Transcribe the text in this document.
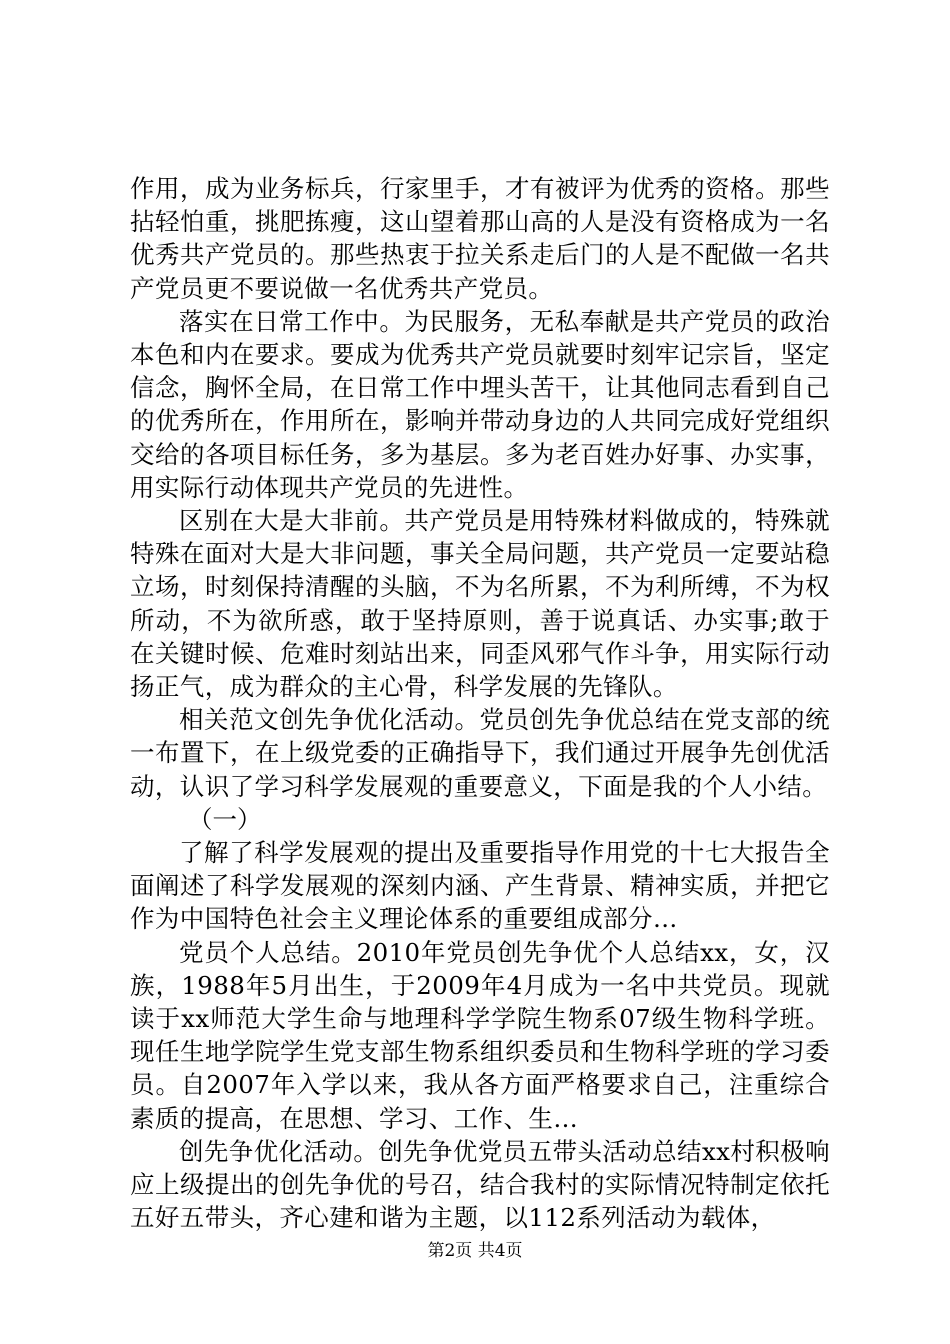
作用，成为业务标兵，行家里手，才有被评为优秀的资格。那些拈轻怕重，挑肥拣瘦，这山望着那山高的人是没有资格成为一名优秀共产党员的。那些热衷于拉关系走后门的人是不配做一名共产党员更不要说做一名优秀共产党员。

落实在日常工作中。为民服务，无私奉献是共产党员的政治本色和内在要求。要成为优秀共产党员就要时刻牢记宗旨，坚定信念，胸怀全局，在日常工作中埋头苦干，让其他同志看到自己的优秀所在，作用所在，影响并带动身边的人共同完成好党组织交给的各项目标任务，多为基层。多为老百姓办好事、办实事，用实际行动体现共产党员的先进性。

区别在大是大非前。共产党员是用特殊材料做成的，特殊就特殊在面对大是大非问题，事关全局问题，共产党员一定要站稳立场，时刻保持清醒的头脑，不为名所累，不为利所缚，不为权所动，不为欲所惑，敢于坚持原则，善于说真话、办实事;敢于在关键时候、危难时刻站出来，同歪风邪气作斗争，用实际行动扬正气，成为群众的主心骨，科学发展的先锋队。

相关范文创先争优化活动。党员创先争优总结在党支部的统一布置下，在上级党委的正确指导下，我们通过开展争先创优活动，认识了学习科学发展观的重要意义，下面是我的个人小结。

（一）

了解了科学发展观的提出及重要指导作用党的十七大报告全面阐述了科学发展观的深刻内涵、产生背景、精神实质，并把它作为中国特色社会主义理论体系的重要组成部分…

党员个人总结。2010年党员创先争优个人总结xx，女，汉族，1988年5月出生，于2009年4月成为一名中共党员。现就读于xx师范大学生命与地理科学学院生物系07级生物科学班。现任生地学院学生党支部生物系组织委员和生物科学班的学习委员。自2007年入学以来，我从各方面严格要求自己，注重综合素质的提高，在思想、学习、工作、生…

创先争优化活动。创先争优党员五带头活动总结xx村积极响应上级提出的创先争优的号召，结合我村的实际情况特制定依托五好五带头，齐心建和谐为主题，以112系列活动为载体，

第2页 共4页
